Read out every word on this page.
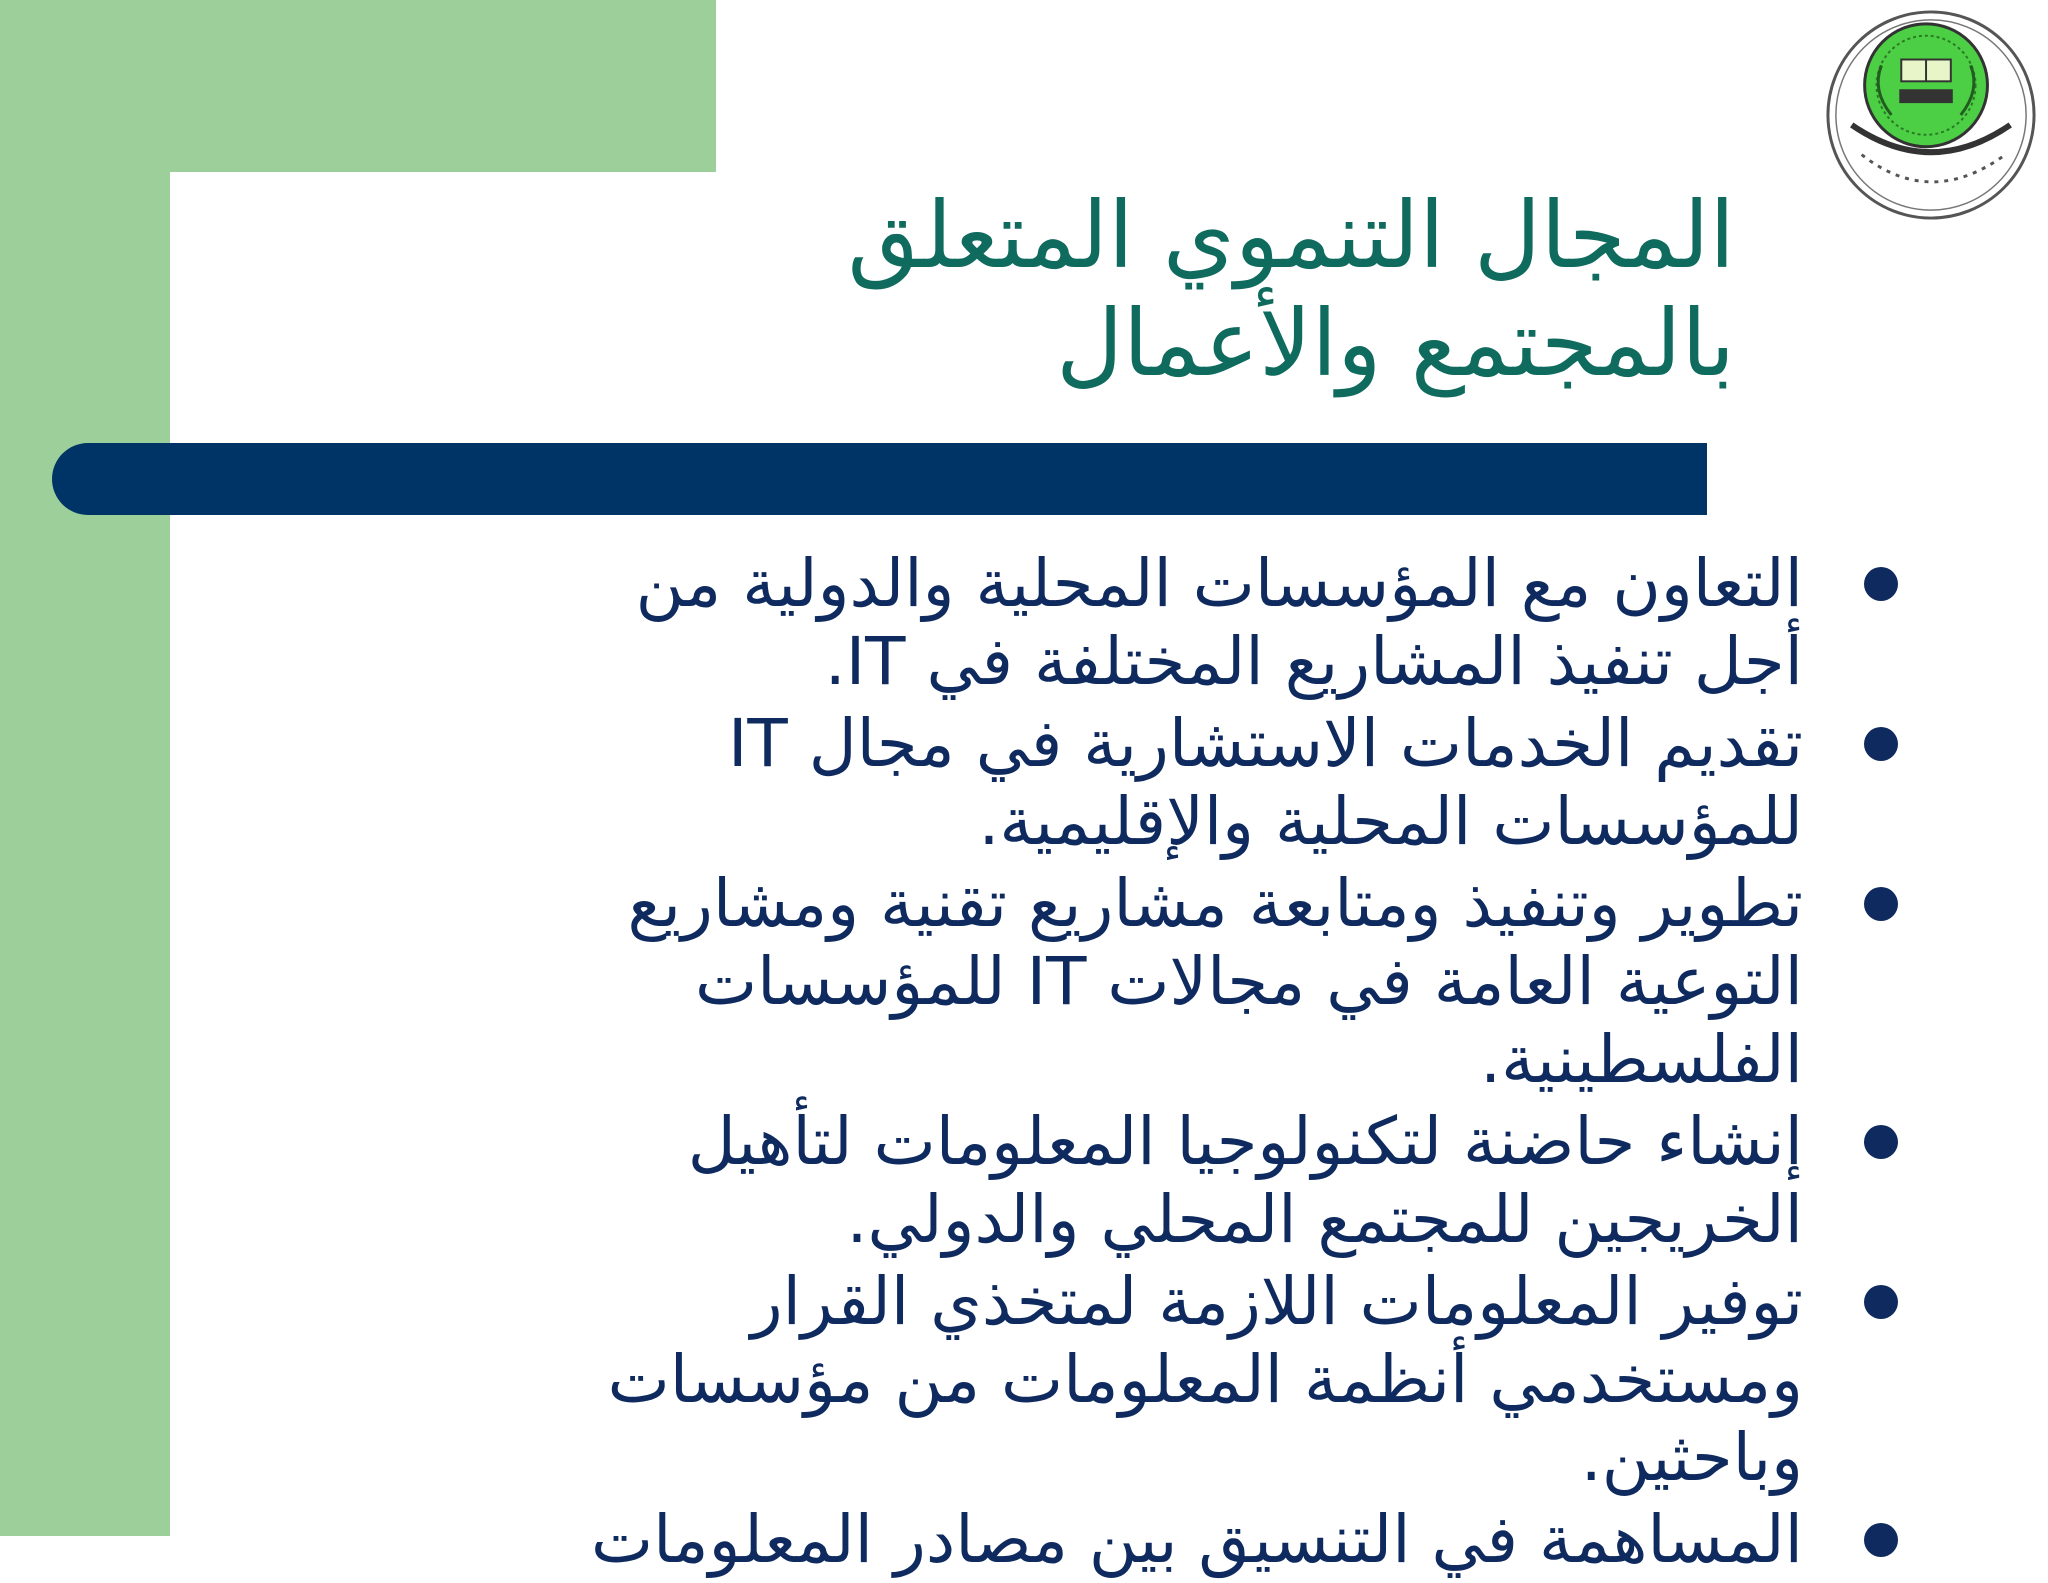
المجال التنموي المتعلق
بالمجتمع والأعمال
التعاون مع المؤسسات المحلية والدولية من
أجل تنفيذ المشاريع المختلفة في IT.
تقديم الخدمات الاستشارية في مجال IT
للمؤسسات المحلية والإقليمية.
تطوير وتنفيذ ومتابعة مشاريع تقنية ومشاريع
التوعية العامة في مجالات IT للمؤسسات
الفلسطينية.
إنشاء حاضنة لتكنولوجيا المعلومات لتأهيل
الخريجين للمجتمع المحلي والدولي.
توفير المعلومات اللازمة لمتخذي القرار
ومستخدمي أنظمة المعلومات من مؤسسات
وباحثين.
المساهمة في التنسيق بين مصادر المعلومات
